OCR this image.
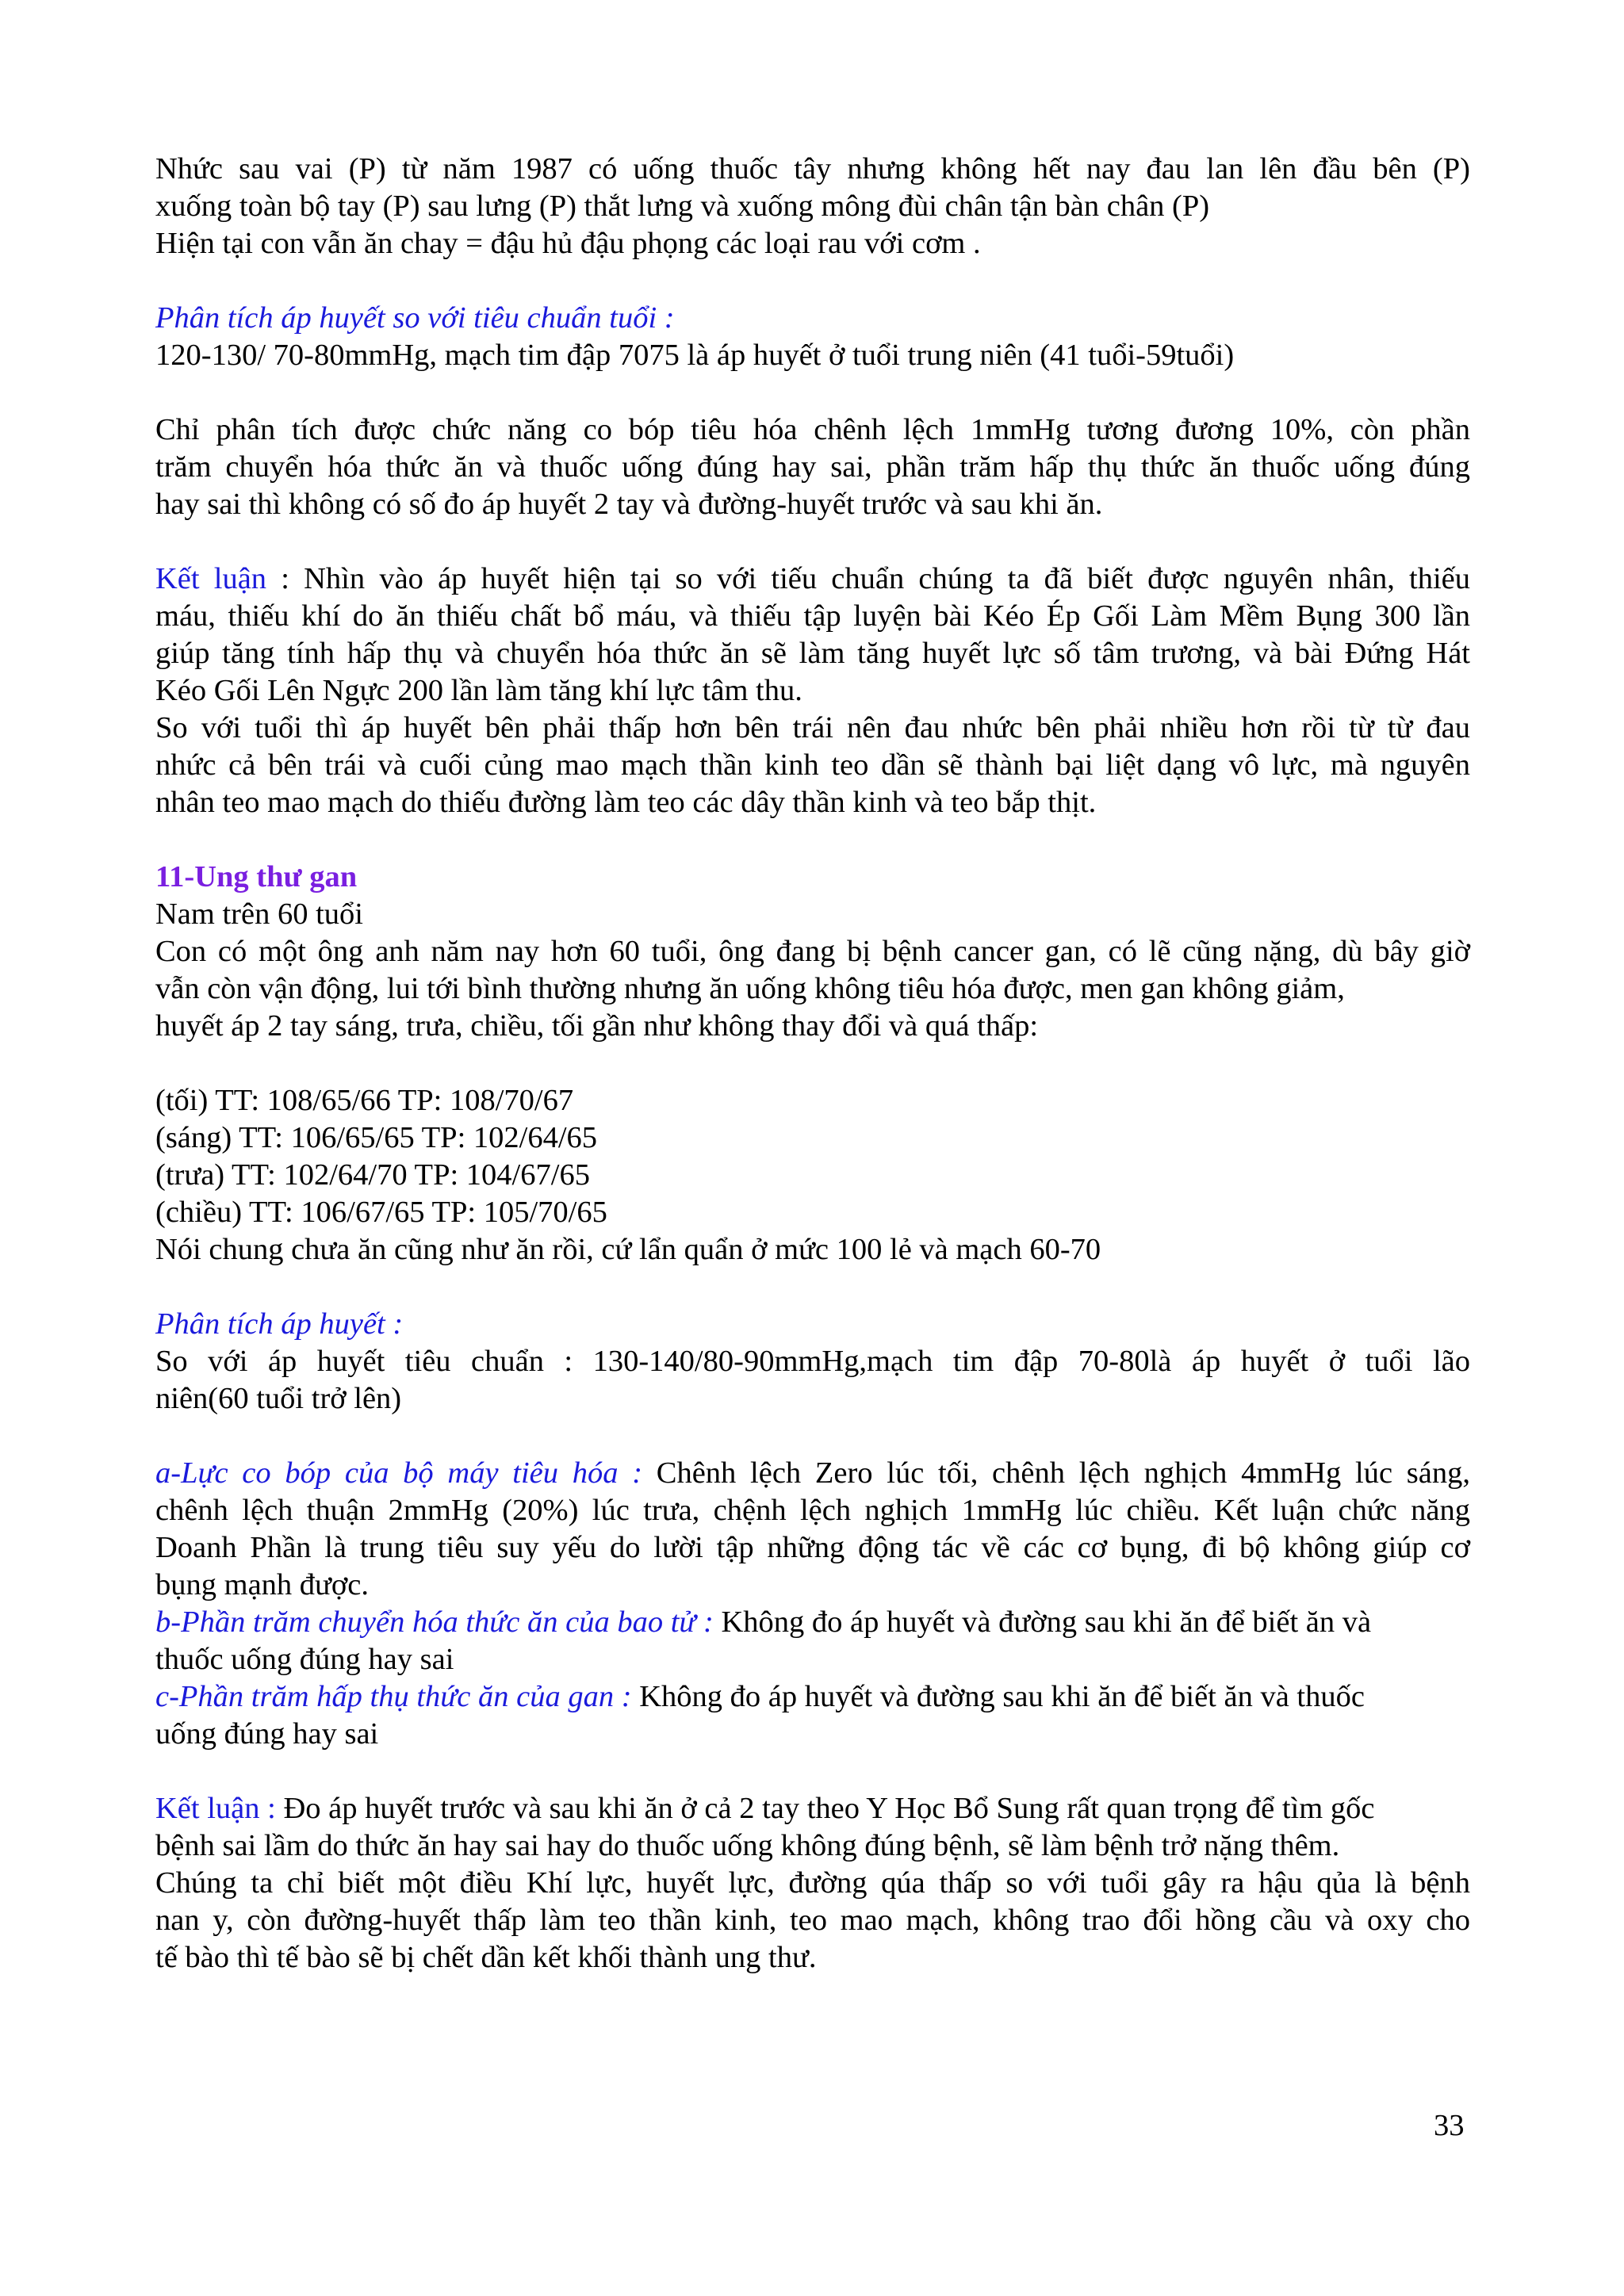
Nhức sau vai (P) từ năm 1987 có uống thuốc tây nhưng không hết nay đau lan lên đầu bên (P)
xuống toàn bộ tay (P) sau lưng (P) thắt lưng và xuống mông đùi chân tận bàn chân (P)
Hiện tại con vẫn ăn chay = đậu hủ đậu phọng các loại rau với cơm .

Phân tích áp huyết so với tiêu chuẩn tuổi :
120-130/ 70-80mmHg, mạch tim đập 7075 là áp huyết ở tuổi trung niên (41 tuổi-59tuổi)

Chỉ phân tích được chức năng co bóp tiêu hóa chênh lệch 1mmHg tương đương 10%, còn phần
trăm chuyển hóa thức ăn và thuốc uống đúng hay sai, phần trăm hấp thụ thức ăn thuốc uống đúng
hay sai thì không có số đo áp huyết 2 tay và đường-huyết trước và sau khi ăn.

Kết luận : Nhìn vào áp huyết hiện tại so với tiếu chuẩn chúng ta đã biết được nguyên nhân, thiếu
máu, thiếu khí do ăn thiếu chất bổ máu, và thiếu tập luyện bài Kéo Ép Gối Làm Mềm Bụng 300 lần
giúp tăng tính hấp thụ và chuyển hóa thức ăn sẽ làm tăng huyết lực số tâm trương, và bài Đứng Hát
Kéo Gối Lên Ngực 200 lần làm tăng khí lực tâm thu.
So với tuổi thì áp huyết bên phải thấp hơn bên trái nên đau nhức bên phải nhiều hơn rồi từ từ đau
nhức cả bên trái và cuối củng mao mạch thần kinh teo dần sẽ thành bại liệt dạng vô lực, mà nguyên
nhân teo mao mạch do thiếu đường làm teo các dây thần kinh và teo bắp thịt.

11-Ung thư gan
Nam trên 60 tuổi
Con có một ông anh năm nay hơn 60 tuổi, ông đang bị bệnh cancer gan, có lẽ cũng nặng, dù bây giờ
vẫn còn vận động, lui tới bình thường nhưng ăn uống không tiêu hóa được, men gan không giảm,
huyết áp 2 tay sáng, trưa, chiều, tối gần như không thay đổi và quá thấp:

(tối) TT: 108/65/66 TP: 108/70/67
(sáng) TT: 106/65/65 TP: 102/64/65
(trưa) TT: 102/64/70 TP: 104/67/65
(chiều) TT: 106/67/65 TP: 105/70/65
Nói chung chưa ăn cũng như ăn rồi, cứ lẩn quẩn ở mức 100 lẻ và mạch 60-70

Phân tích áp huyết :
So với áp huyết tiêu chuẩn : 130-140/80-90mmHg,mạch tim đập 70-80là áp huyết ở tuổi lão
niên(60 tuổi trở lên)

a-Lực co bóp của bộ máy tiêu hóa : Chênh lệch Zero lúc tối, chênh lệch nghịch 4mmHg lúc sáng,
chênh lệch thuận 2mmHg (20%) lúc trưa, chệnh lệch nghịch 1mmHg lúc chiều. Kết luận chức năng
Doanh Phần là trung tiêu suy yếu do lười tập những động tác về các cơ bụng, đi bộ không giúp cơ
bụng mạnh được.
b-Phần trăm chuyển hóa thức ăn của bao tử : Không đo áp huyết và đường sau khi ăn để biết ăn và
thuốc uống đúng hay sai
c-Phần trăm hấp thụ thức ăn của gan : Không đo áp huyết và đường sau khi ăn để biết ăn và thuốc
uống đúng hay sai

Kết luận : Đo áp huyết trước và sau khi ăn ở cả 2 tay theo Y Học Bổ Sung rất quan trọng để tìm gốc
bệnh sai lầm do thức ăn hay sai hay do thuốc uống không đúng bệnh, sẽ làm bệnh trở nặng thêm.
Chúng ta chỉ biết một điều Khí lực, huyết lực, đường qúa thấp so với tuổi gây ra hậu qủa là bệnh
nan y, còn đường-huyết thấp làm teo thần kinh, teo mao mạch, không trao đổi hồng cầu và oxy cho
tế bào thì tế bào sẽ bị chết dần kết khối thành ung thư.

33
